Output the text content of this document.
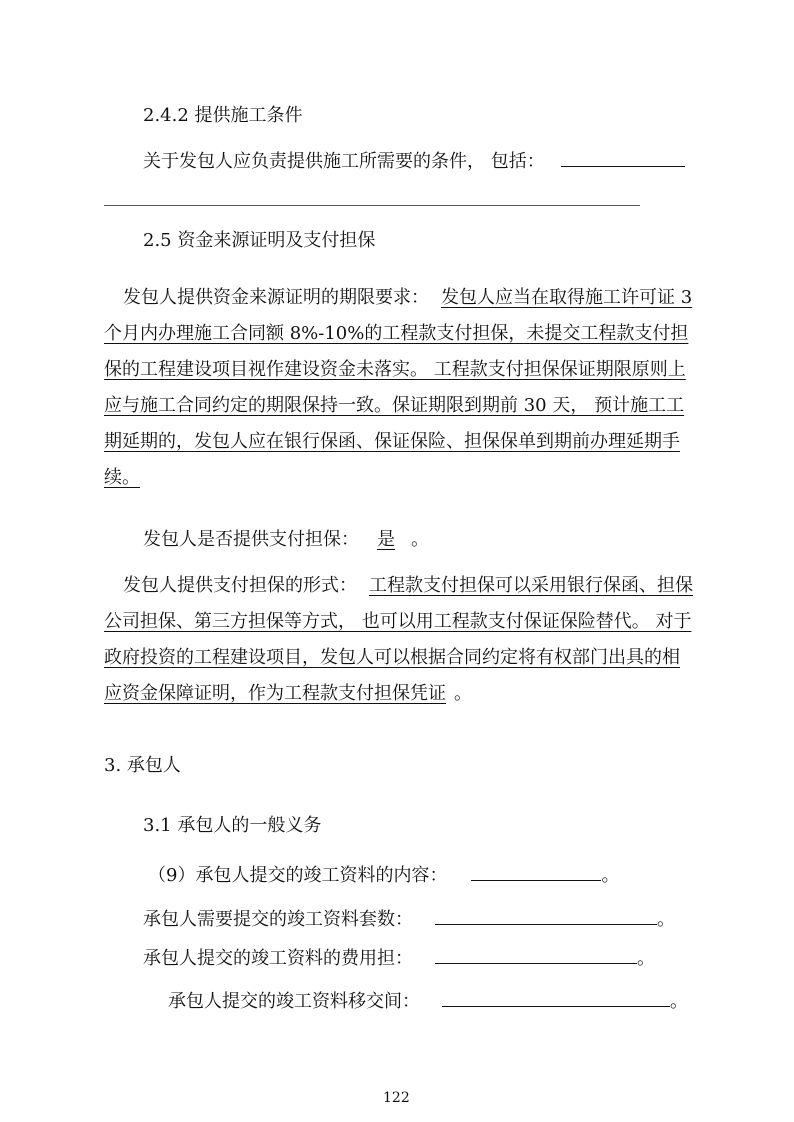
2.4.2 提供施工条件
关于发包人应负责提供施工所需要的条件， 包括：
2.5 资金来源证明及支付担保
发包人提供资金来源证明的期限要求： 发包人应当在取得施工许可证 3 个月内办理施工合同额 8%-10%的工程款支付担保，未提交工程款支付担保的工程建设项目视作建设资金未落实。 工程款支付担保保证期限原则上应与施工合同约定的期限保持一致。保证期限到期前 30 天， 预计施工工期延期的，发包人应在银行保函、保证保险、担保保单到期前办理延期手续。
发包人是否提供支付担保： 是 。
发包人提供支付担保的形式： 工程款支付担保可以采用银行保函、担保公司担保、第三方担保等方式， 也可以用工程款支付保证保险替代。 对于政府投资的工程建设项目，发包人可以根据合同约定将有权部门出具的相应资金保障证明，作为工程款支付担保凭证 。
3. 承包人
3.1 承包人的一般义务
（9）承包人提交的竣工资料的内容：	。
承包人需要提交的竣工资料套数：	。
承包人提交的竣工资料的费用担：	。
承包人提交的竣工资料移交间：	。
122
